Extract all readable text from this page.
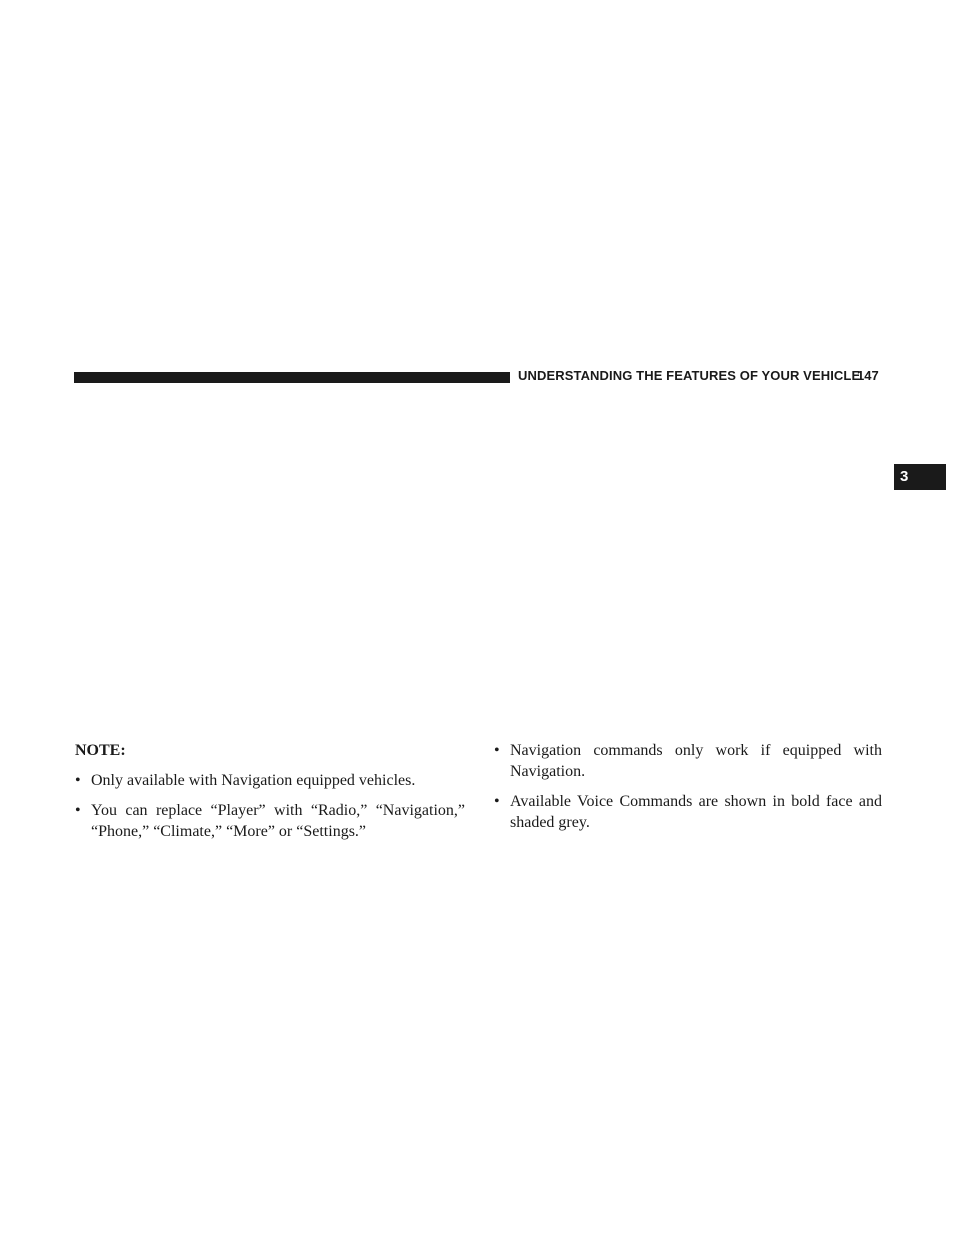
UNDERSTANDING THE FEATURES OF YOUR VEHICLE
147
3
NOTE:
• Only available with Navigation equipped vehicles.
• You can replace “Player” with “Radio,” “Navigation,” “Phone,” “Climate,” “More” or “Settings.”
• Navigation commands only work if equipped with Navigation.
• Available Voice Commands are shown in bold face and shaded grey.
